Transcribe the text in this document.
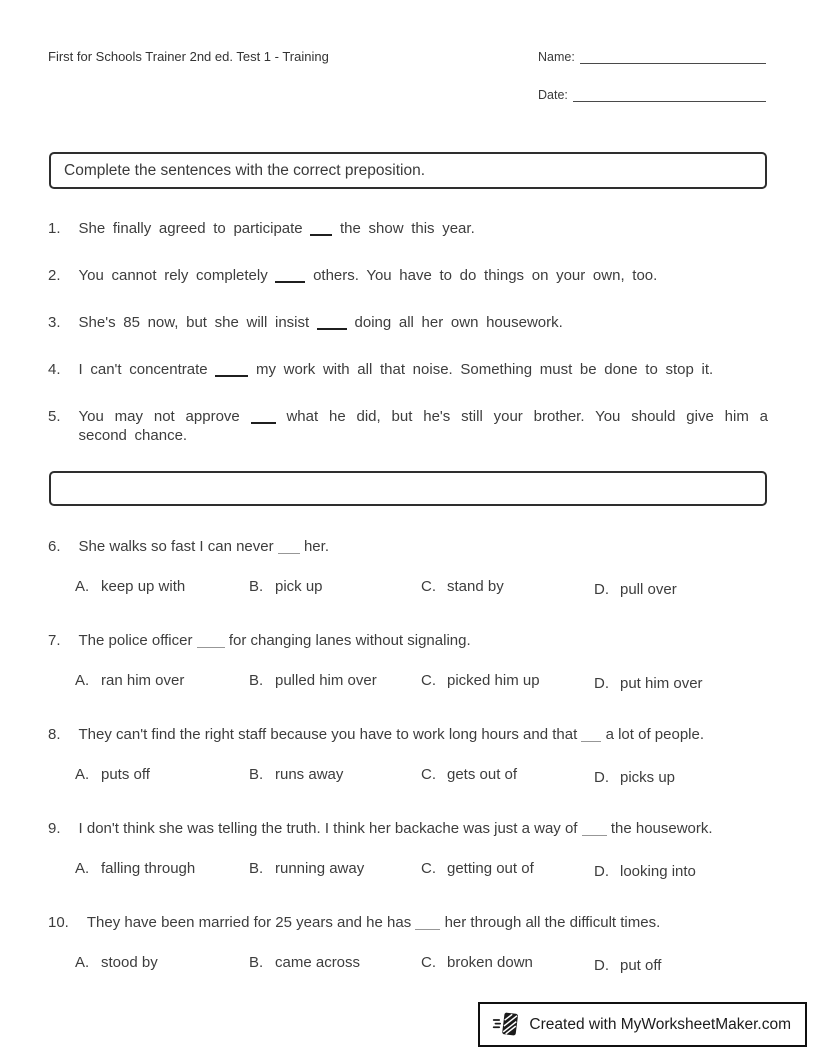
First for Schools Trainer 2nd ed. Test 1 - Training	Name:
Date:
Complete the sentences with the correct preposition.
1. She finally agreed to participate the show this year.
2. You cannot rely completely	others. You have to do things on your own, too.
3. She's 85 now, but she will insist	doing all her own housework.
4. I can't concentrate	my work with all that noise. Something must be done to stop it.
5. You may not approve	what he did, but he's still your brother. You should give him a second chance.
6. She walks so fast I can never her.
A. keep up with	B. pick up	C. stand by	D. pull over
7. The police officer for changing lanes without signaling.
A. ran him over	B. pulled him over	C. picked him up	D. put him over
8. They can't find the right staff because you have to work long hours and that a lot of people.
A. puts off	B. runs away	C. gets out of	D. picks up
9. I don't think she was telling the truth. I think her backache was just a way of the housework.
A. falling through	B. running away	C. getting out of	D. looking into
10. They have been married for 25 years and he has her through all the difficult times.
A. stood by	B. came across	C. broken down	D. put off
Created with MyWorksheetMaker.com
